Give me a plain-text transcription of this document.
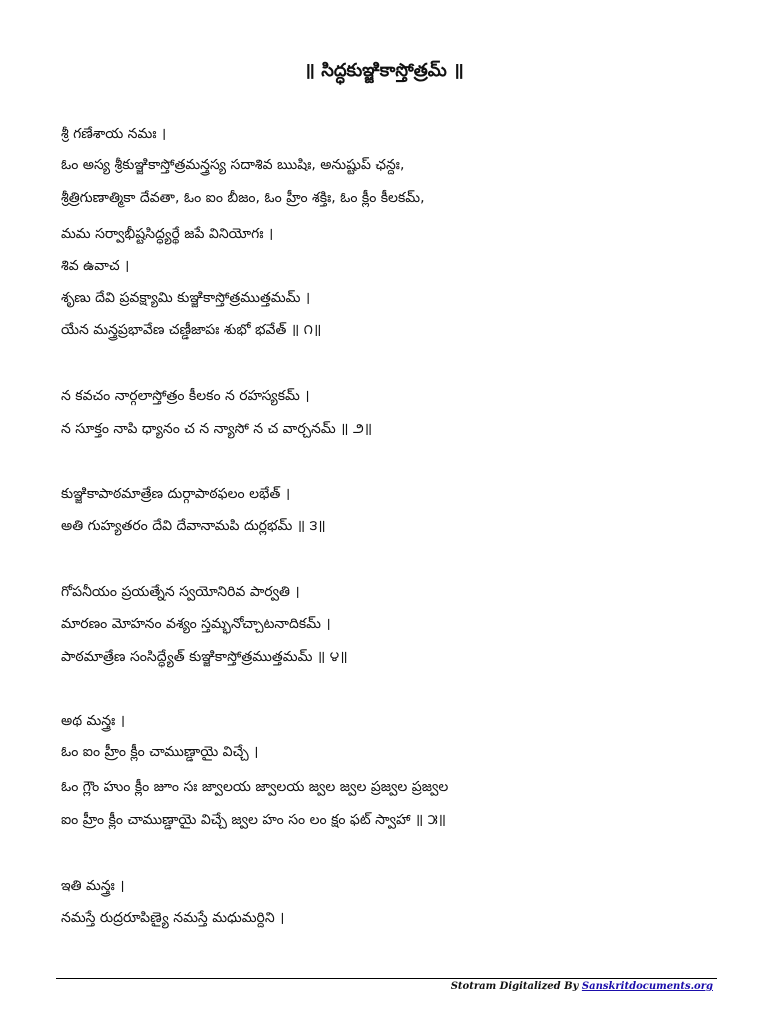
॥ సిద్ధకుఞ్జికాస్తోత్రమ్ ॥
శ్రీ గణేశాయ నమః ।
ఓం అస్య శ్రీకుఞ్జికాస్తోత్రమన్త్రస్య సదాశివ ఋషిః, అనుష్టుప్ ఛన్దః,
శ్రీత్రిగుణాత్మికా దేవతా, ఓం ఐం బీజం, ఓం హ్రీం శక్తిః, ఓం క్లీం కీలకమ్,
మమ సర్వాభీష్టసిద్ధ్యర్థే జపే వినియోగః ।
శివ ఉవాచ ।
శృణు దేవి ప్రవక్ష్యామి కుఞ్జికాస్తోత్రముత్తమమ్ ।
యేన మన్త్రప్రభావేణ చణ్డీజాపః శుభో భవేత్ ॥ ౧॥
న కవచం నార్గలాస్తోత్రం కీలకం న రహస్యకమ్ ।
న సూక్తం నాపి ధ్యానం చ న న్యాసో న చ వార్చనమ్ ॥ ౨॥
కుఞ్జికాపాఠమాత్రేణ దుర్గాపాఠఫలం లభేత్ ।
అతి గుహ్యతరం దేవి దేవానామపి దుర్లభమ్ ॥ ౩॥
గోపనీయం ప్రయత్నేన స్వయోనిరివ పార్వతి ।
మారణం మోహనం వశ్యం స్తమ్భనోచ్చాటనాదికమ్ ।
పాఠమాత్రేణ సంసిద్ధ్యేత్ కుఞ్జికాస్తోత్రముత్తమమ్ ॥ ౪॥
అథ మన్త్రః ।
ఓం ఐం హ్రీం క్లీం చాముణ్డాయై విచ్చే ।
ఓం గ్లౌం హుం క్లీం జూం సః జ్వాలయ జ్వాలయ జ్వల జ్వల ప్రజ్వల ప్రజ్వల
ఐం హ్రీం క్లీం చాముణ్డాయై విచ్చే జ్వల హం సం లం క్షం ఫట్ స్వాహా ॥ ౫॥
ఇతి మన్త్రః ।
నమస్తే రుద్రరూపిణ్యై నమస్తే మధుమర్దిని ।
Stotram Digitalized By Sanskritdocuments.org
